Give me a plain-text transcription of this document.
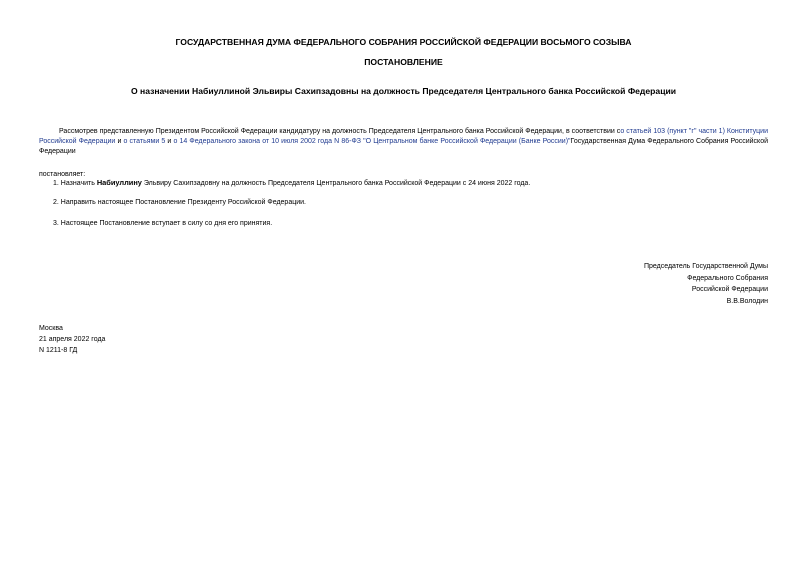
ГОСУДАРСТВЕННАЯ ДУМА ФЕДЕРАЛЬНОГО СОБРАНИЯ РОССИЙСКОЙ ФЕДЕРАЦИИ ВОСЬМОГО СОЗЫВА
ПОСТАНОВЛЕНИЕ
О назначении Набиуллиной Эльвиры Сахипзадовны на должность Председателя Центрального банка Российской Федерации
Рассмотрев представленную Президентом Российской Федерации кандидатуру на должность Председателя Центрального банка Российской Федерации, в соответствии со статьей 103 (пункт "г" части 1) Конституции Российской Федерации и о статьями 5 и о 14 Федерального закона от 10 июля 2002 года N 86-ФЗ "О Центральном банке Российской Федерации (Банке России)"Государственная Дума Федерального Собрания Российской Федерации
постановляет:
1. Назначить Набиуллину Эльвиру Сахипзадовну на должность Председателя Центрального банка Российской Федерации с 24 июня 2022 года.
2. Направить настоящее Постановление Президенту Российской Федерации.
3. Настоящее Постановление вступает в силу со дня его принятия.
Председатель Государственной Думы
Федерального Собрания
Российской Федерации
В.В.Володин
Москва
21 апреля 2022 года
N 1211-8 ГД
